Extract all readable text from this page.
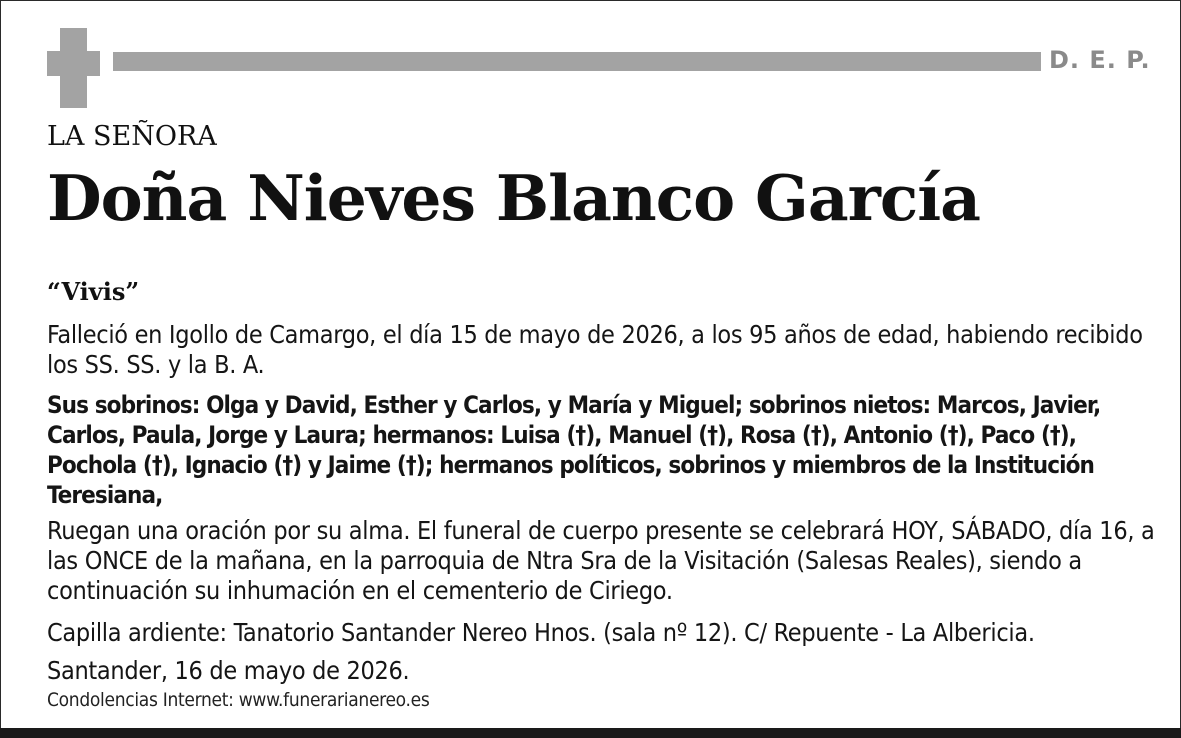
D. E. P.
LA SEÑORA
Doña Nieves Blanco García
“Vivis”

Falleció en Igollo de Camargo, el día 15 de mayo de 2026, a los 95 años de edad, habiendo recibido los SS. SS. y la B. A.

Sus sobrinos: Olga y David, Esther y Carlos, y María y Miguel; sobrinos nietos: Marcos, Javier, Carlos, Paula, Jorge y Laura; hermanos: Luisa (†), Manuel (†), Rosa (†), Antonio (†), Paco (†), Pochola (†), Ignacio (†) y Jaime (†); hermanos políticos, sobrinos y miembros de la Institución Teresiana,

Ruegan una oración por su alma. El funeral de cuerpo presente se celebrará HOY, SÁBADO, día 16, a las ONCE de la mañana, en la parroquia de Ntra Sra de la Visitación (Salesas Reales), siendo a continuación su inhumación en el cementerio de Ciriego.

Capilla ardiente: Tanatorio Santander Nereo Hnos. (sala nº 12). C/ Repuente - La Albericia.

Santander, 16 de mayo de 2026.

Condolencias Internet: www.funerarianereo.es
